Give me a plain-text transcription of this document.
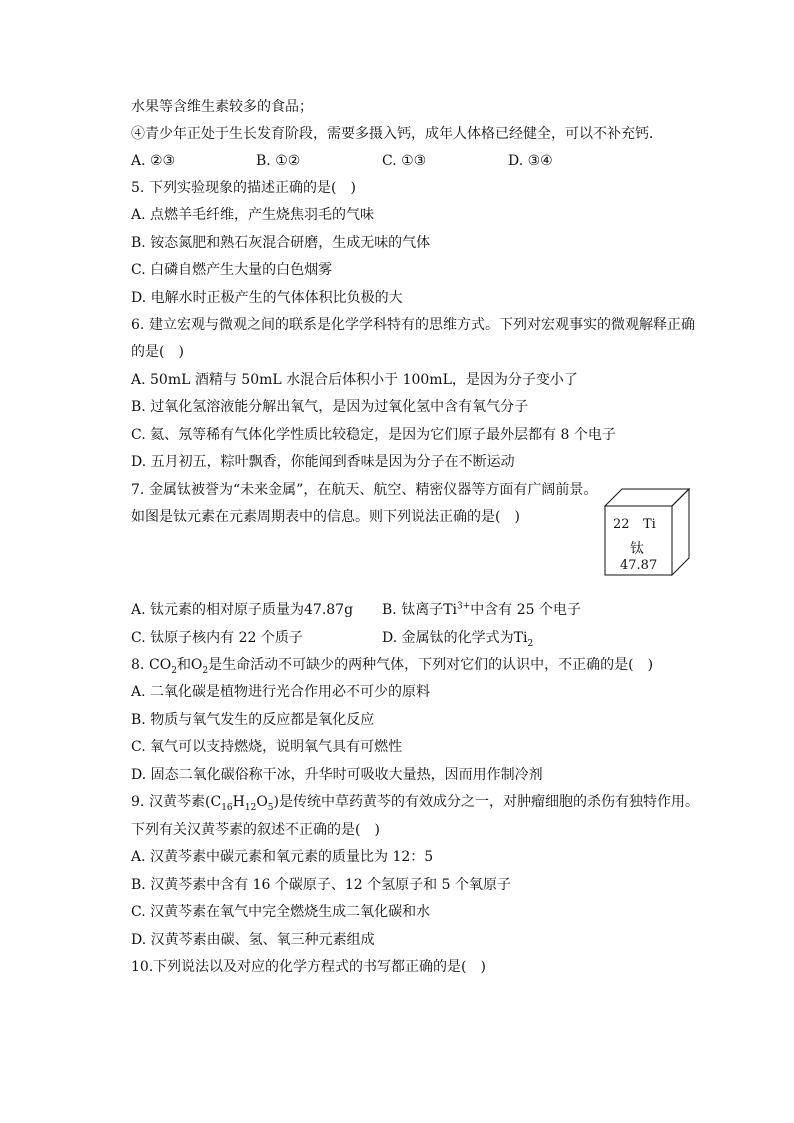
水果等含维生素较多的食品；
④青少年正处于生长发育阶段，需要多摄入钙，成年人体格已经健全，可以不补充钙．
A. ②③	B. ①②	C. ①③	D. ③④
5. 下列实验现象的描述正确的是(　)
A. 点燃羊毛纤维，产生烧焦羽毛的气味
B. 铵态氮肥和熟石灰混合研磨，生成无味的气体
C. 白磷自燃产生大量的白色烟雾
D. 电解水时正极产生的气体体积比负极的大
6. 建立宏观与微观之间的联系是化学学科特有的思维方式。下列对宏观事实的微观解释正确
的是(　)
A. 50mL 酒精与 50mL 水混合后体积小于 100mL，是因为分子变小了
B. 过氧化氢溶液能分解出氧气，是因为过氧化氢中含有氧气分子
C. 氦、氖等稀有气体化学性质比较稳定，是因为它们原子最外层都有 8 个电子
D. 五月初五，粽叶飘香，你能闻到香味是因为分子在不断运动
7. 金属钛被誉为“未来金属”，在航天、航空、精密仪器等方面有广阔前景。
如图是钛元素在元素周期表中的信息。则下列说法正确的是(　)	22 Ti
钛
47.87
A. 钛元素的相对原子质量为47.87g B. 钛离子$Ti^{3+}$中含有 25 个电子
C. 钛原子核内有 22 个质子	D. 金属钛的化学式为$Ti_2$
8. $CO_2$和$O_2$是生命活动不可缺少的两种气体，下列对它们的认识中，不正确的是(　)
A. 二氧化碳是植物进行光合作用必不可少的原料
B. 物质与氧气发生的反应都是氧化反应
C. 氧气可以支持燃烧，说明氧气具有可燃性
D. 固态二氧化碳俗称干冰，升华时可吸收大量热，因而用作制冷剂
9. 汉黄芩素$(C_{16}H_{12}O_5)$是传统中草药黄芩的有效成分之一，对肿瘤细胞的杀伤有独特作用。
下列有关汉黄芩素的叙述不正确的是(　)
A. 汉黄芩素中碳元素和氧元素的质量比为 12：5
B. 汉黄芩素中含有 16 个碳原子、12 个氢原子和 5 个氧原子
C. 汉黄芩素在氧气中完全燃烧生成二氧化碳和水
D. 汉黄芩素由碳、氢、氧三种元素组成
10.下列说法以及对应的化学方程式的书写都正确的是(　)
